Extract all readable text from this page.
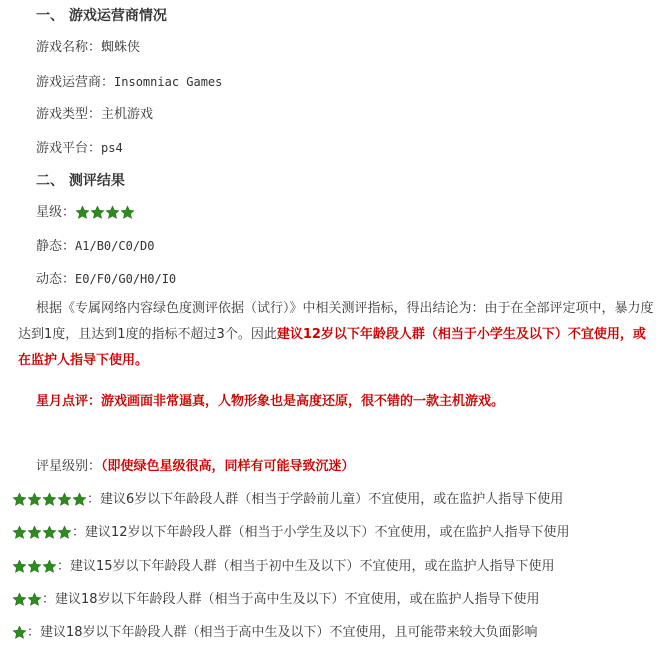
一、 游戏运营商情况
游戏名称：蜘蛛侠
游戏运营商：Insomniac Games
游戏类型：主机游戏
游戏平台：ps4
二、 测评结果
星级：
静态：A1/B0/C0/D0
动态：E0/F0/G0/H0/I0
根据《专属网络内容绿色度测评依据（试行）》中相关测评指标，得出结论为：由于在全部评定项中，暴力度达到1度，且达到1度的指标不超过3个。因此建议12岁以下年龄段人群（相当于小学生及以下）不宜使用，或在监护人指导下使用。
星月点评：游戏画面非常逼真，人物形象也是高度还原，很不错的一款主机游戏。
评星级别：（即使绿色星级很高，同样有可能导致沉迷）
：建议6岁以下年龄段人群（相当于学龄前儿童）不宜使用，或在监护人指导下使用
：建议12岁以下年龄段人群（相当于小学生及以下）不宜使用，或在监护人指导下使用
：建议15岁以下年龄段人群（相当于初中生及以下）不宜使用，或在监护人指导下使用
：建议18岁以下年龄段人群（相当于高中生及以下）不宜使用，或在监护人指导下使用
：建议18岁以下年龄段人群（相当于高中生及以下）不宜使用，且可能带来较大负面影响
